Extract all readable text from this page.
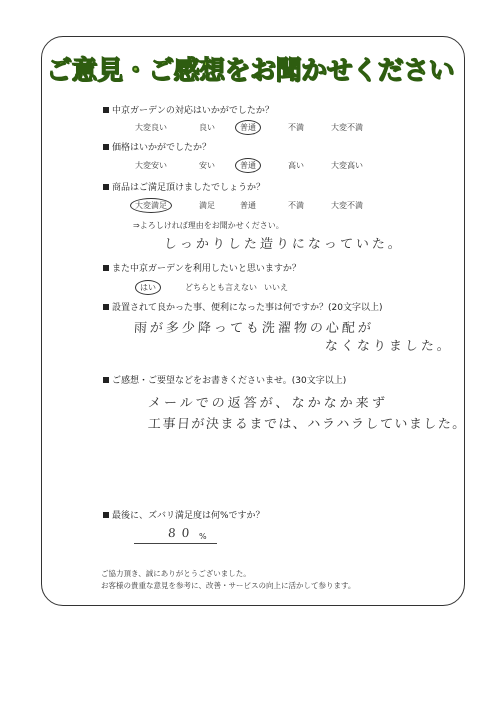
ご意見・ご感想をお聞かせください
中京ガーデンの対応はいかがでしたか？
大変良い	良い	普通	不満	大変不満
価格はいかがでしたか？
大変安い	安い	普通	高い	大変高い
商品はご満足頂けましたでしょうか？
大変満足	満足	普通	不満	大変不満
⇒よろしければ理由をお聞かせください。
しっかりした造りになっていた。
また中京ガーデンを利用したいと思いますか？
はい	どちらとも言えない いいえ
設置されて良かった事、便利になった事は何ですか？(20文字以上)
雨が多少降っても洗濯物の心配が
なくなりました。
ご感想・ご要望などをお書きくださいませ。(30文字以上)
メールでの返答が、なかなか来ず
工事日が決まるまでは、ハラハラしていました。
最後に、ズバリ満足度は何%ですか？
80 %
ご協力頂き、誠にありがとうございました。
お客様の貴重な意見を参考に、改善・サービスの向上に活かして参ります。
